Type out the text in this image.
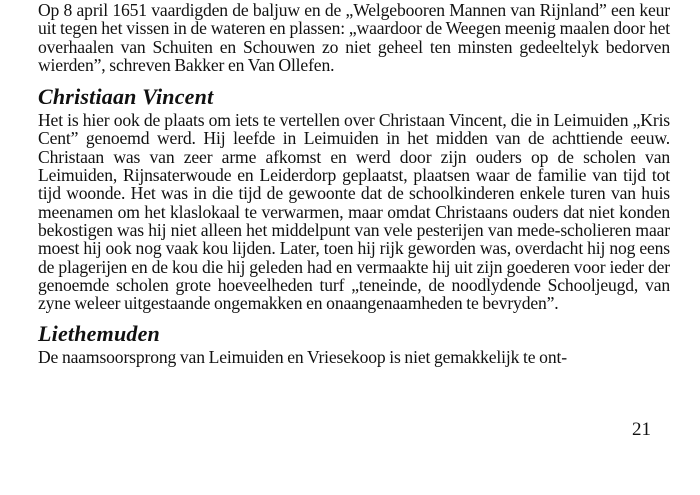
Op 8 april 1651 vaardigden de baljuw en de „Welgebooren Mannen van Rijnland” een keur uit tegen het vissen in de wateren en plassen: „waardoor de Weegen meenig maalen door het overhaalen van Schuiten en Schouwen zo niet geheel ten minsten gedeeltelyk bedorven wierden”, schreven Bakker en Van Ollefen.

Christiaan Vincent

Het is hier ook de plaats om iets te vertellen over Christaan Vincent, die in Leimuiden „Kris Cent” genoemd werd. Hij leefde in Leimuiden in het midden van de achttiende eeuw. Christaan was van zeer arme afkomst en werd door zijn ouders op de scholen van Leimuiden, Rijnsaterwoude en Leiderdorp geplaatst, plaatsen waar de familie van tijd tot tijd woonde. Het was in die tijd de gewoonte dat de schoolkinderen enkele turen van huis meenamen om het klaslokaal te verwarmen, maar omdat Christaans ouders dat niet konden bekostigen was hij niet alleen het middelpunt van vele pesterijen van mede-scholieren maar moest hij ook nog vaak kou lijden. Later, toen hij rijk geworden was, overdacht hij nog eens de plagerijen en de kou die hij geleden had en vermaakte hij uit zijn goederen voor ieder der genoemde scholen grote hoeveelheden turf „teneinde, de noodlydende Schooljeugd, van zyne weleer uitgestaande ongemakken en onaangenaamheden te bevryden”.

Liethemuden

De naamsoorsprong van Leimuiden en Vriesekoop is niet gemakkelijk te ont-

21
